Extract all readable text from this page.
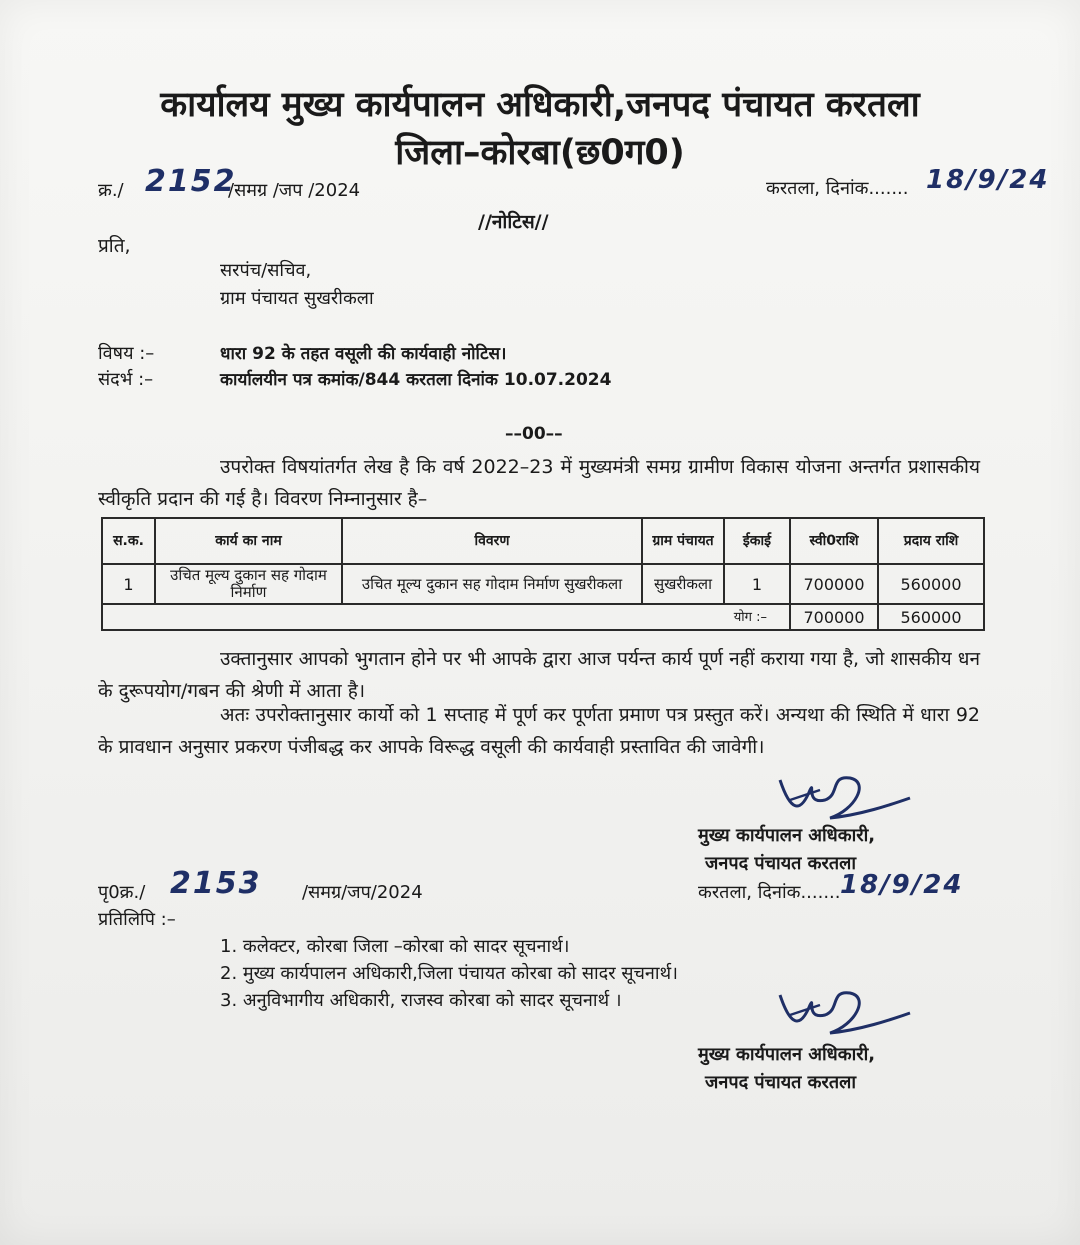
कार्यालय मुख्य कार्यपालन अधिकारी,जनपद पंचायत करतला
जिला–कोरबा(छ0ग0)
क्र./ 2152
/समग्र /जप /2024	करतला, दिनांक....... 18/9/24
//नोटिस//
प्रति,
सरपंच/सचिव,
ग्राम पंचायत सुखरीकला
विषय :–	धारा 92 के तहत वसूली की कार्यवाही नोटिस।
संदर्भ :–	कार्यालयीन पत्र कमांक/844 करतला दिनांक 10.07.2024
––00––
उपरोक्त विषयांतर्गत लेख है कि वर्ष 2022–23 में मुख्यमंत्री समग्र ग्रामीण विकास योजना अन्तर्गत प्रशासकीय स्वीकृति प्रदान की गई है। विवरण निम्नानुसार है–
स.क.	कार्य का नाम	विवरण	ग्राम पंचायत	ईकाई	स्वी0राशि	प्रदाय राशि
1	उचित मूल्य दुकान सह गोदाम निर्माण	उचित मूल्य दुकान सह गोदाम निर्माण सुखरीकला	सुखरीकला	1	700000	560000
योग :–					700000	560000
उक्तानुसार आपको भुगतान होने पर भी आपके द्वारा आज पर्यन्त कार्य पूर्ण नहीं कराया गया है, जो शासकीय धन के दुरूपयोग/गबन की श्रेणी में आता है।
अतः उपरोक्तानुसार कार्यो को 1 सप्ताह में पूर्ण कर पूर्णता प्रमाण पत्र प्रस्तुत करें। अन्यथा की स्थिति में धारा 92 के प्रावधान अनुसार प्रकरण पंजीबद्ध कर आपके विरूद्ध वसूली की कार्यवाही प्रस्तावित की जावेगी।
मुख्य कार्यपालन अधिकारी,
जनपद पंचायत करतला
पृ0क्र./ 2153 /समग्र/जप/2024	करतला, दिनांक....... 18/9/24
प्रतिलिपि :–
1. कलेक्टर, कोरबा जिला –कोरबा को सादर सूचनार्थ।
2. मुख्य कार्यपालन अधिकारी,जिला पंचायत कोरबा को सादर सूचनार्थ।
3. अनुविभागीय अधिकारी, राजस्व कोरबा को सादर सूचनार्थ ।
मुख्य कार्यपालन अधिकारी,
जनपद पंचायत करतला
